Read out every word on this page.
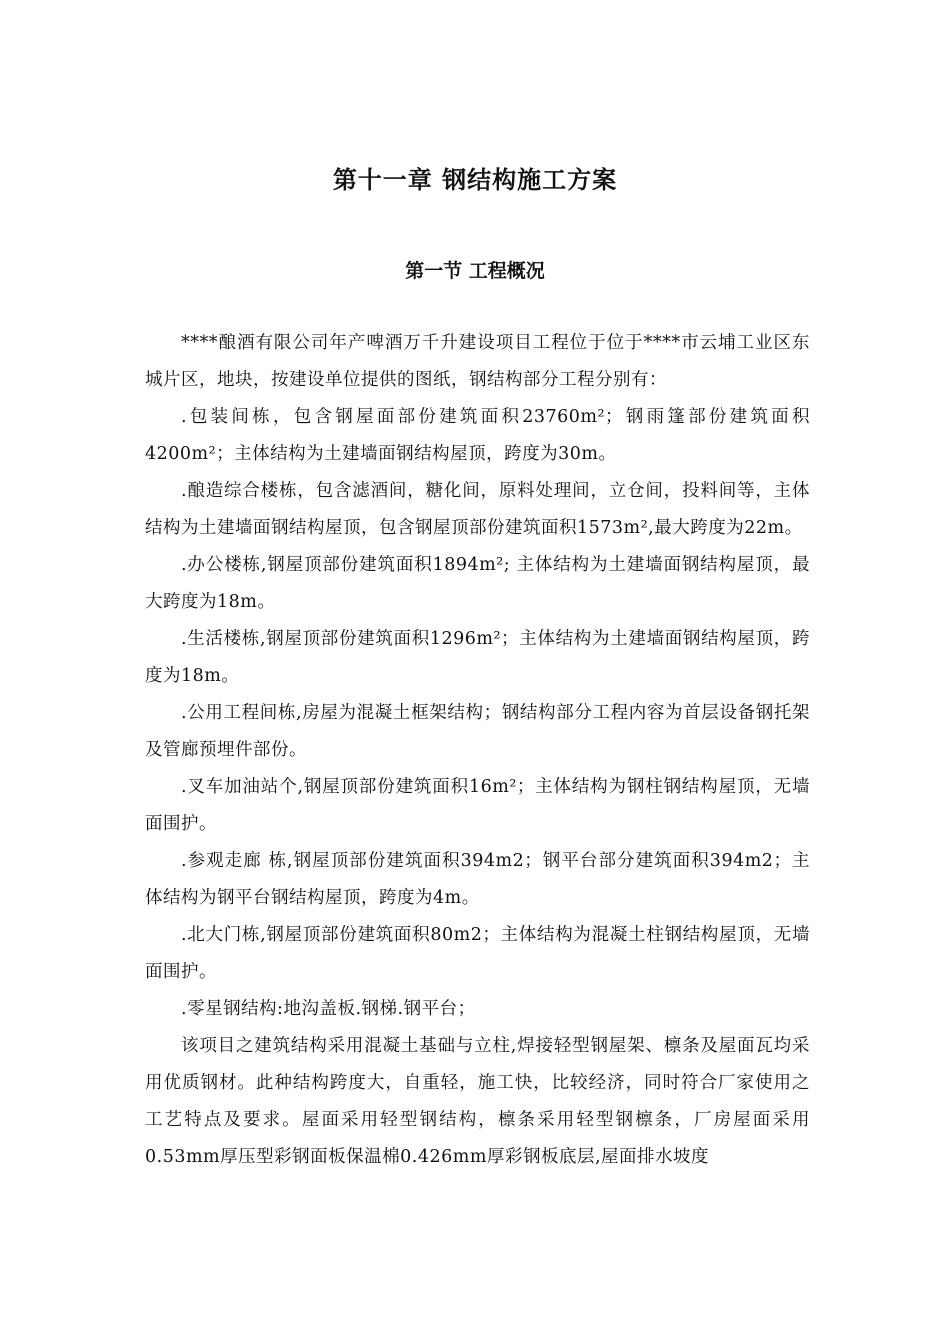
第十一章 钢结构施工方案
第一节 工程概况

****酿酒有限公司年产啤酒万千升建设项目工程位于位于****市云埔工业区东城片区，地块，按建设单位提供的图纸，钢结构部分工程分别有：

.包装间栋，包含钢屋面部份建筑面积23760m²；钢雨篷部份建筑面积4200m²；主体结构为土建墙面钢结构屋顶，跨度为30m。

.酿造综合楼栋，包含滤酒间，糖化间，原料处理间，立仓间，投料间等，主体结构为土建墙面钢结构屋顶，包含钢屋顶部份建筑面积1573m²,最大跨度为22m。

.办公楼栋,钢屋顶部份建筑面积1894m²; 主体结构为土建墙面钢结构屋顶，最大跨度为18m。

.生活楼栋,钢屋顶部份建筑面积1296m²；主体结构为土建墙面钢结构屋顶，跨度为18m。

.公用工程间栋,房屋为混凝土框架结构；钢结构部分工程内容为首层设备钢托架及管廊预埋件部份。

.叉车加油站个,钢屋顶部份建筑面积16m²；主体结构为钢柱钢结构屋顶，无墙面围护。

.参观走廊 栋,钢屋顶部份建筑面积394m2；钢平台部分建筑面积394m2；主体结构为钢平台钢结构屋顶，跨度为4m。

.北大门栋,钢屋顶部份建筑面积80m2；主体结构为混凝土柱钢结构屋顶，无墙面围护。

.零星钢结构:地沟盖板.钢梯.钢平台；

该项目之建筑结构采用混凝土基础与立柱,焊接轻型钢屋架、檩条及屋面瓦均采用优质钢材。此种结构跨度大，自重轻，施工快，比较经济，同时符合厂家使用之工艺特点及要求。屋面采用轻型钢结构，檩条采用轻型钢檩条，厂房屋面采用0.53mm厚压型彩钢面板保温棉0.426mm厚彩钢板底层,屋面排水坡度
